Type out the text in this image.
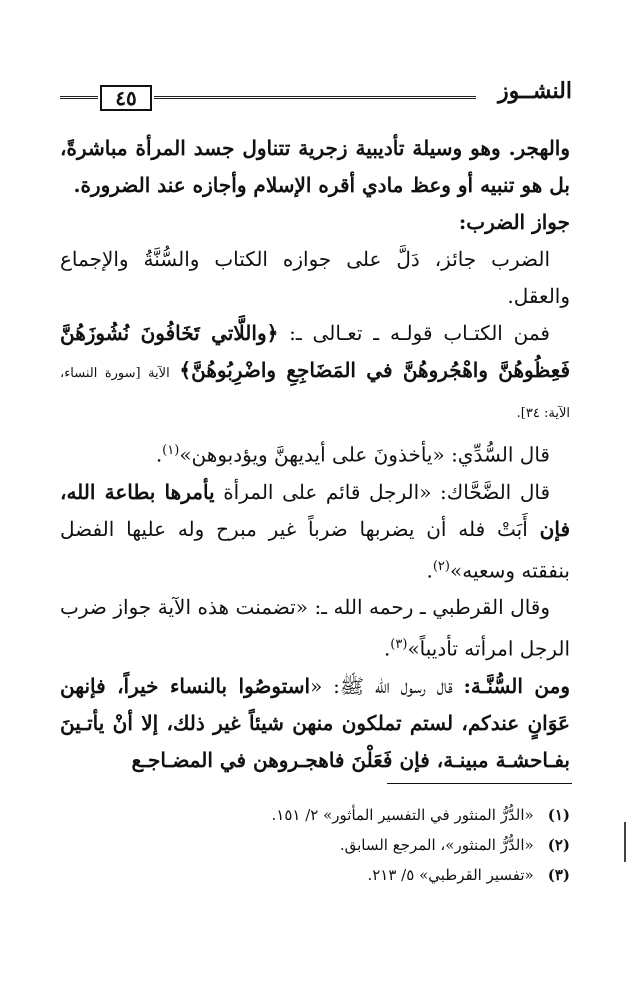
٤٥	النشــوز

والهجر. وهو وسيلة تأديبية زجرية تتناول جسد المرأة مباشرةً، بل هو تنبيه أو وعظ مادي أقره الإسلام وأجازه عند الضرورة.

جواز الضرب:

الضرب جائز، دَلَّ على جوازه الكتاب والسُّنَّةُ والإجماع والعقل.

فمن الكتـاب قولـه ـ تعـالى ـ: ﴿واللَّاتي تَخَافُونَ نُشُوزَهُنَّ فَعِظُوهُنَّ واهْجُروهُنَّ في المَضَاجِعِ واضْرِبُوهُنَّ﴾ الآية [سورة النساء، الآية: ٣٤].

قال السُّدِّي: «يأخذونَ على أيديهنَّ ويؤدبوهن»$^{(١)}$.

قال الضَّحَّاك: «الرجل قائم على المرأة يأمرها بطاعة الله، فإن أَبَتْ فله أن يضربها ضرباً غير مبرح وله عليها الفضل بنفقته وسعيه»$^{(٢)}$.

وقال القرطبي ـ رحمه الله ـ: «تضمنت هذه الآية جواز ضرب الرجل امرأته تأديباً»$^{(٣)}$.

ومن السُّنَّـة: قال رسول الله ﷺ: «استوصُوا بالنساء خيراً، فإنهن عَوَانٍ عندكم، لستم تملكون منهن شيئاً غير ذلك، إلا أنْ يأتـينَ بفـاحشـة مبينـة، فإن فَعَلْنَ فاهجـروهن في المضـاجـع

(١)«الدُّرُّ المنثور في التفسير المأثور» ٢/ ١٥١.

(٢)«الدُّرُّ المنثور»، المرجع السابق.

(٣)«تفسير القرطبي» ٥/ ٢١٣.
